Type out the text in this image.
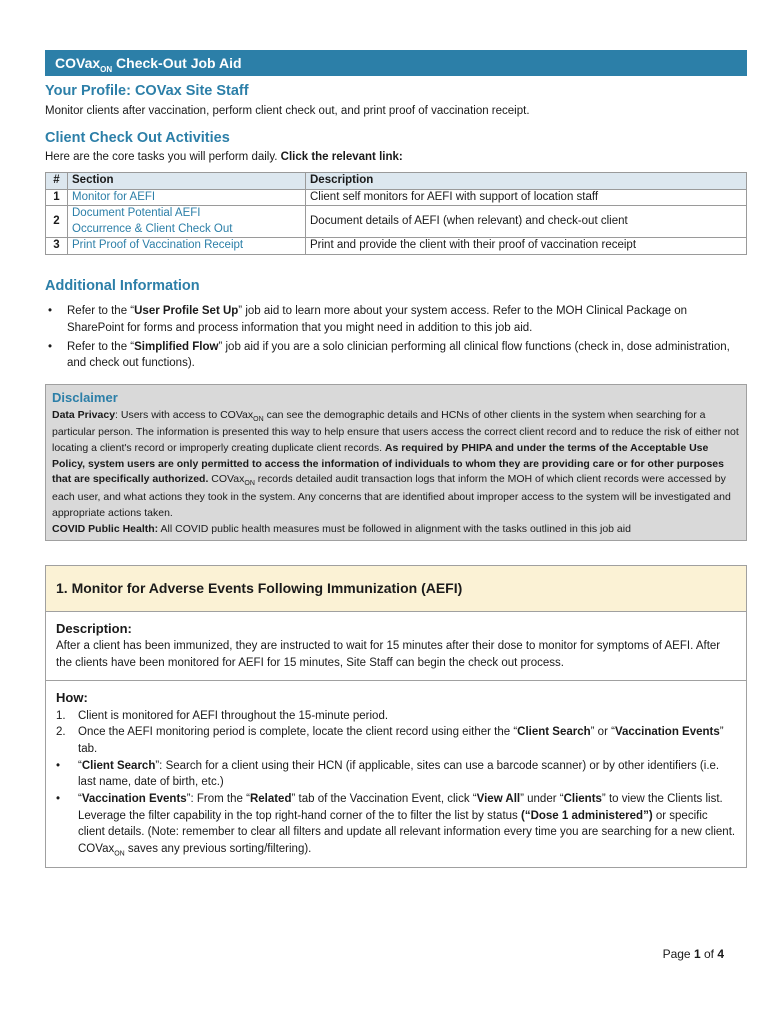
COVax$_{ON}$ Check-Out Job Aid
Your Profile: COVax Site Staff

Monitor clients after vaccination, perform client check out, and print proof of vaccination receipt.

Client Check Out Activities

Here are the core tasks you will perform daily. Click the relevant link:

#	Section	Description
1	Monitor for AEFI	Client self monitors for AEFI with support of location staff
2	Document Potential AEFI
Occurrence & Client Check Out	Document details of AEFI (when relevant) and check-out client
3	Print Proof of Vaccination Receipt	Print and provide the client with their proof of vaccination receipt
Additional Information
• Refer to the “User Profile Set Up” job aid to learn more about your system access. Refer to the MOH Clinical Package on SharePoint for forms and process information that you might need in addition to this job aid.
• Refer to the “Simplified Flow” job aid if you are a solo clinician performing all clinical flow functions (check in, dose administration, and check out functions).
Disclaimer
Data Privacy: Users with access to COVax$_{ON}$ can see the demographic details and HCNs of other clients in the system when searching for a particular person. The information is presented this way to help ensure that users access the correct client record and to reduce the risk of either not locating a client's record or improperly creating duplicate client records. As required by PHIPA and under the terms of the Acceptable Use Policy, system users are only permitted to access the information of individuals to whom they are providing care or for other purposes that are specifically authorized. COVax$_{ON}$ records detailed audit transaction logs that inform the MOH of which client records were accessed by each user, and what actions they took in the system. Any concerns that are identified about improper access to the system will be investigated and appropriate actions taken.
COVID Public Health: All COVID public health measures must be followed in alignment with the tasks outlined in this job aid
1. Monitor for Adverse Events Following Immunization (AEFI)
Description:
After a client has been immunized, they are instructed to wait for 15 minutes after their dose to monitor for symptoms of AEFI. After the clients have been monitored for AEFI for 15 minutes, Site Staff can begin the check out process.
How:
1. Client is monitored for AEFI throughout the 15-minute period.
2. Once the AEFI monitoring period is complete, locate the client record using either the “Client Search” or “Vaccination Events” tab.
• “Client Search”: Search for a client using their HCN (if applicable, sites can use a barcode scanner) or by other identifiers (i.e. last name, date of birth, etc.)
• “Vaccination Events”: From the “Related” tab of the Vaccination Event, click “View All” under “Clients” to view the Clients list. Leverage the filter capability in the top right-hand corner of the to filter the list by status (“Dose 1 administered”) or specific client details. (Note: remember to clear all filters and update all relevant information every time you are searching for a new client. COVax$_{ON}$ saves any previous sorting/filtering).
Page 1 of 4
